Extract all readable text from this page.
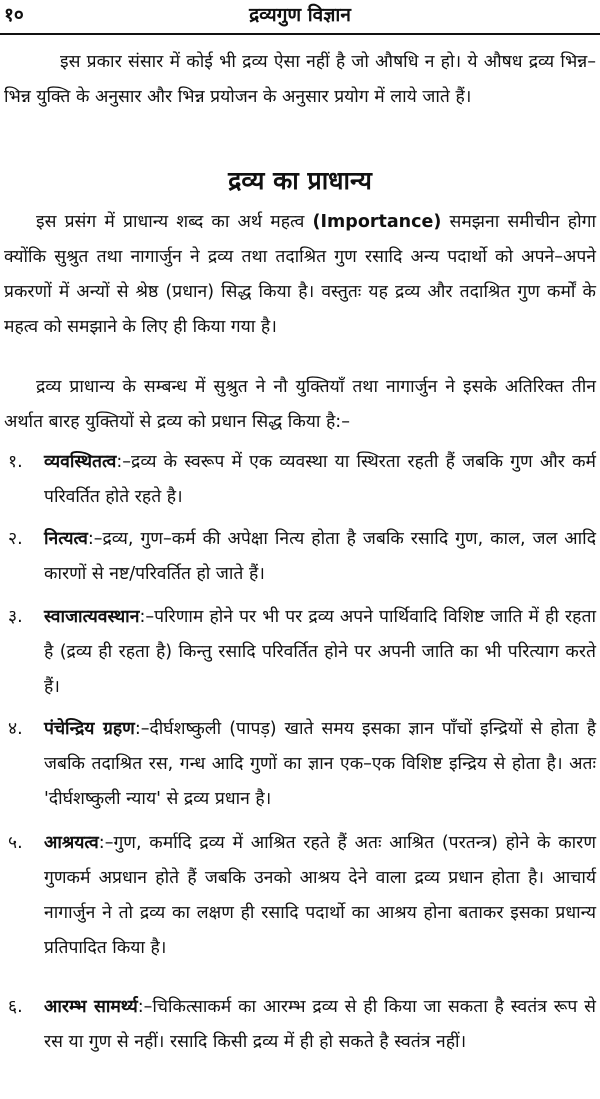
१०	द्रव्यगुण विज्ञान
इस प्रकार संसार में कोई भी द्रव्य ऐसा नहीं है जो औषधि न हो। ये औषध द्रव्य भिन्न–भिन्न युक्ति के अनुसार और भिन्न प्रयोजन के अनुसार प्रयोग में लाये जाते हैं।
द्रव्य का प्राधान्य
इस प्रसंग में प्राधान्य शब्द का अर्थ महत्व (Importance) समझना समीचीन होगा क्योंकि सुश्रुत तथा नागार्जुन ने द्रव्य तथा तदाश्रित गुण रसादि अन्य पदार्थो को अपने–अपने प्रकरणों में अन्यों से श्रेष्ठ (प्रधान) सिद्ध किया है। वस्तुतः यह द्रव्य और तदाश्रित गुण कर्मों के महत्व को समझाने के लिए ही किया गया है।
द्रव्य प्राधान्य के सम्बन्ध में सुश्रुत ने नौ युक्तियाँ तथा नागार्जुन ने इसके अतिरिक्त तीन अर्थात बारह युक्तियों से द्रव्य को प्रधान सिद्ध किया है:–
१. व्यवस्थितत्व:–द्रव्य के स्वरूप में एक व्यवस्था या स्थिरता रहती हैं जबकि गुण और कर्म परिवर्तित होते रहते है।
२. नित्यत्व:–द्रव्य, गुण–कर्म की अपेक्षा नित्य होता है जबकि रसादि गुण, काल, जल आदि कारणों से नष्ट/परिवर्तित हो जाते हैं।
३. स्वाजात्यवस्थान:–परिणाम होने पर भी पर द्रव्य अपने पार्थिवादि विशिष्ट जाति में ही रहता है (द्रव्य ही रहता है) किन्तु रसादि परिवर्तित होने पर अपनी जाति का भी परित्याग करते हैं।
४. पंचेन्द्रिय ग्रहण:–दीर्घशष्कुली (पापड़) खाते समय इसका ज्ञान पाँचों इन्द्रियों से होता है जबकि तदाश्रित रस, गन्ध आदि गुणों का ज्ञान एक–एक विशिष्ट इन्द्रिय से होता है। अतः 'दीर्घशष्कुली न्याय' से द्रव्य प्रधान है।
५. आश्रयत्व:–गुण, कर्मादि द्रव्य में आश्रित रहते हैं अतः आश्रित (परतन्त्र) होने के कारण गुणकर्म अप्रधान होते हैं जबकि उनको आश्रय देने वाला द्रव्य प्रधान होता है। आचार्य नागार्जुन ने तो द्रव्य का लक्षण ही रसादि पदार्थो का आश्रय होना बताकर इसका प्रधान्य प्रतिपादित किया है।
६. आरम्भ सामर्थ्य:–चिकित्साकर्म का आरम्भ द्रव्य से ही किया जा सकता है स्वतंत्र रूप से रस या गुण से नहीं। रसादि किसी द्रव्य में ही हो सकते है स्वतंत्र नहीं।
